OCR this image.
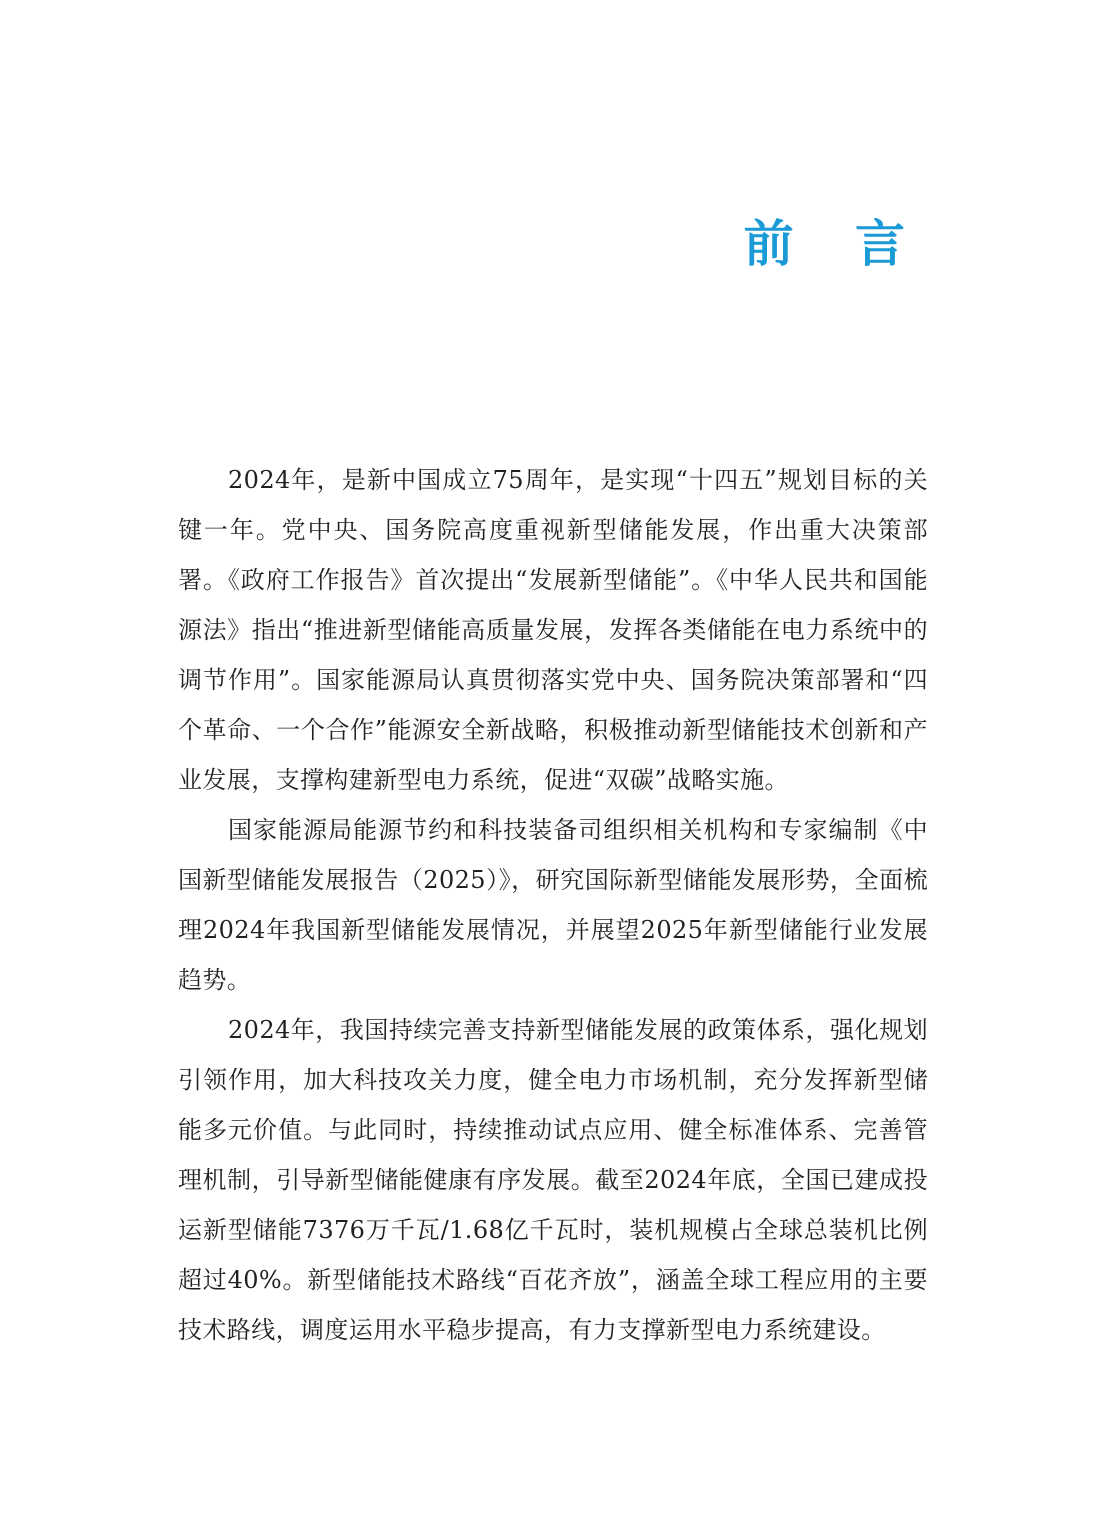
前 言

2024年，是新中国成立75周年，是实现“十四五”规划目标的关键一年。党中央、国务院高度重视新型储能发展，作出重大决策部署。《政府工作报告》首次提出“发展新型储能”。《中华人民共和国能源法》指出“推进新型储能高质量发展，发挥各类储能在电力系统中的调节作用”。国家能源局认真贯彻落实党中央、国务院决策部署和“四个革命、一个合作”能源安全新战略，积极推动新型储能技术创新和产业发展，支撑构建新型电力系统，促进“双碳”战略实施。

国家能源局能源节约和科技装备司组织相关机构和专家编制《中国新型储能发展报告（2025）》，研究国际新型储能发展形势，全面梳理2024年我国新型储能发展情况，并展望2025年新型储能行业发展趋势。

2024年，我国持续完善支持新型储能发展的政策体系，强化规划引领作用，加大科技攻关力度，健全电力市场机制，充分发挥新型储能多元价值。与此同时，持续推动试点应用、健全标准体系、完善管理机制，引导新型储能健康有序发展。截至2024年底，全国已建成投运新型储能7376万千瓦/1.68亿千瓦时，装机规模占全球总装机比例超过40%。新型储能技术路线“百花齐放”，涵盖全球工程应用的主要技术路线，调度运用水平稳步提高，有力支撑新型电力系统建设。
